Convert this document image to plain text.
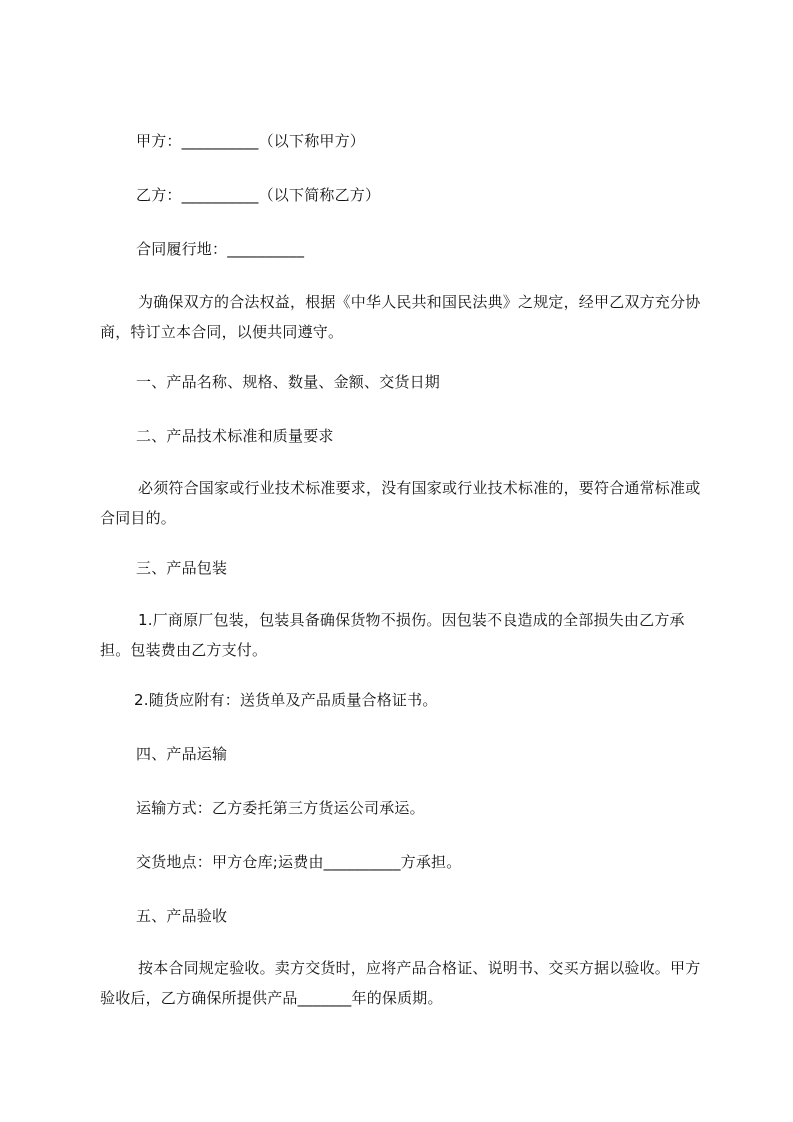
甲方：__________（以下称甲方）
乙方：__________（以下简称乙方）
合同履行地：__________
为确保双方的合法权益，根据《中华人民共和国民法典》之规定，经甲乙双方充分协商，特订立本合同，以便共同遵守。
一、产品名称、规格、数量、金额、交货日期
二、产品技术标准和质量要求
必须符合国家或行业技术标准要求，没有国家或行业技术标准的，要符合通常标准或合同目的。
三、产品包装
1.厂商原厂包装，包装具备确保货物不损伤。因包装不良造成的全部损失由乙方承担。包装费由乙方支付。
2.随货应附有：送货单及产品质量合格证书。
四、产品运输
运输方式：乙方委托第三方货运公司承运。
交货地点：甲方仓库;运费由__________方承担。
五、产品验收
按本合同规定验收。卖方交货时，应将产品合格证、说明书、交买方据以验收。甲方验收后，乙方确保所提供产品_______年的保质期。
